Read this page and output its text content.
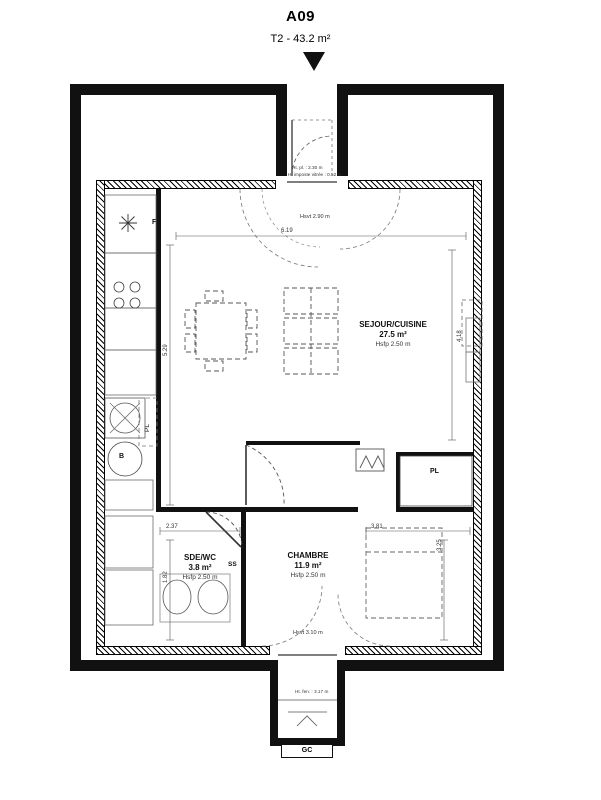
A09
T2 - 43.2 m²
SEJOUR/CUISINE
27.5 m²
Hsfp 2.50 m
CHAMBRE
11.9 m²
Hsfp 2.50 m
SDE/WC
3.8 m²
Hsfp 2.50 m
6.19
5.29
4.18
2.37
1.82
3.81
3.25
Ht. pl. : 2.30 m
Ht imposte vitrée : 0.52 m
Hsvt 2.90 m
Hsvt 3.10 m
Ht. fen. : 3.17 m
F
B
PL
PL
SS
GC
